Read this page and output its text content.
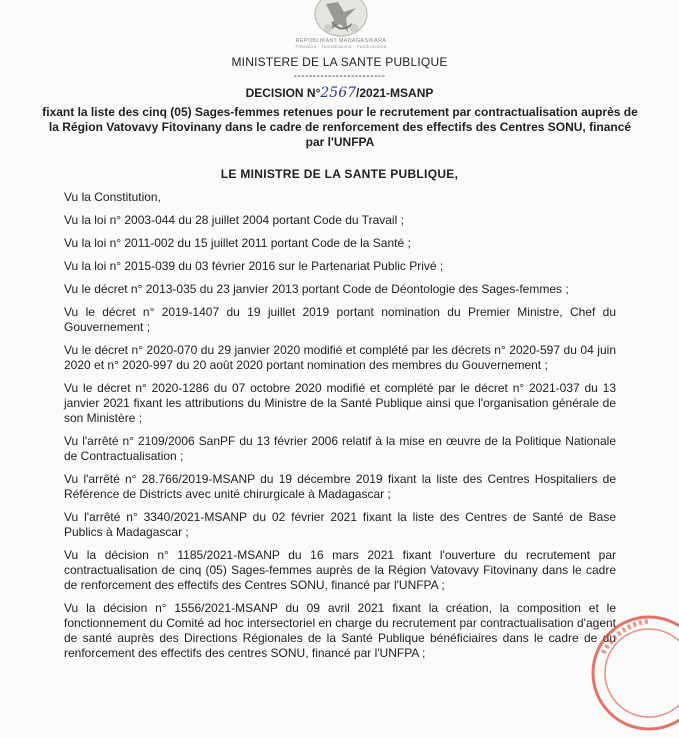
REPOBLIKAN'I MADAGASIKARA
Fitiavana - Tanindrazana - Fandrosoana
MINISTERE DE LA SANTE PUBLIQUE
------------------------
DECISION N°2567/2021-MSANP
fixant la liste des cinq (05) Sages-femmes retenues pour le recrutement par contractualisation auprès de la Région Vatovavy Fitovinany dans le cadre de renforcement des effectifs des Centres SONU, financé par l'UNFPA
LE MINISTRE DE LA SANTE PUBLIQUE,

Vu la Constitution,

Vu la loi n° 2003-044 du 28 juillet 2004 portant Code du Travail ;

Vu la loi n° 2011-002 du 15 juillet 2011 portant Code de la Santé ;

Vu la loi n° 2015-039 du 03 février 2016 sur le Partenariat Public Privé ;

Vu le décret n° 2013-035 du 23 janvier 2013 portant Code de Déontologie des Sages-femmes ;

Vu le décret n° 2019-1407 du 19 juillet 2019 portant nomination du Premier Ministre, Chef du Gouvernement ;

Vu le décret n° 2020-070 du 29 janvier 2020 modifié et complété par les décrets n° 2020-597 du 04 juin 2020 et n° 2020-997 du 20 août 2020 portant nomination des membres du Gouvernement ;

Vu le décret n° 2020-1286 du 07 octobre 2020 modifié et complété par le décret n° 2021-037 du 13 janvier 2021 fixant les attributions du Ministre de la Santé Publique ainsi que l'organisation générale de son Ministère ;

Vu l'arrêté n° 2109/2006 SanPF du 13 février 2006 relatif à la mise en œuvre de la Politique Nationale de Contractualisation ;

Vu l'arrêté n° 28.766/2019-MSANP du 19 décembre 2019 fixant la liste des Centres Hospitaliers de Référence de Districts avec unité chirurgicale à Madagascar ;

Vu l'arrêté n° 3340/2021-MSANP du 02 février 2021 fixant la liste des Centres de Santé de Base Publics à Madagascar ;

Vu la décision n° 1185/2021-MSANP du 16 mars 2021 fixant l'ouverture du recrutement par contractualisation de cinq (05) Sages-femmes auprès de la Région Vatovavy Fitovinany dans le cadre de renforcement des effectifs des Centres SONU, financé par l'UNFPA ;

Vu la décision n° 1556/2021-MSANP du 09 avril 2021 fixant la création, la composition et le fonctionnement du Comité ad hoc intersectoriel en charge du recrutement par contractualisation d'agent de santé auprès des Directions Régionales de la Santé Publique bénéficiaires dans le cadre de du renforcement des effectifs des centres SONU, financé par l'UNFPA ;
